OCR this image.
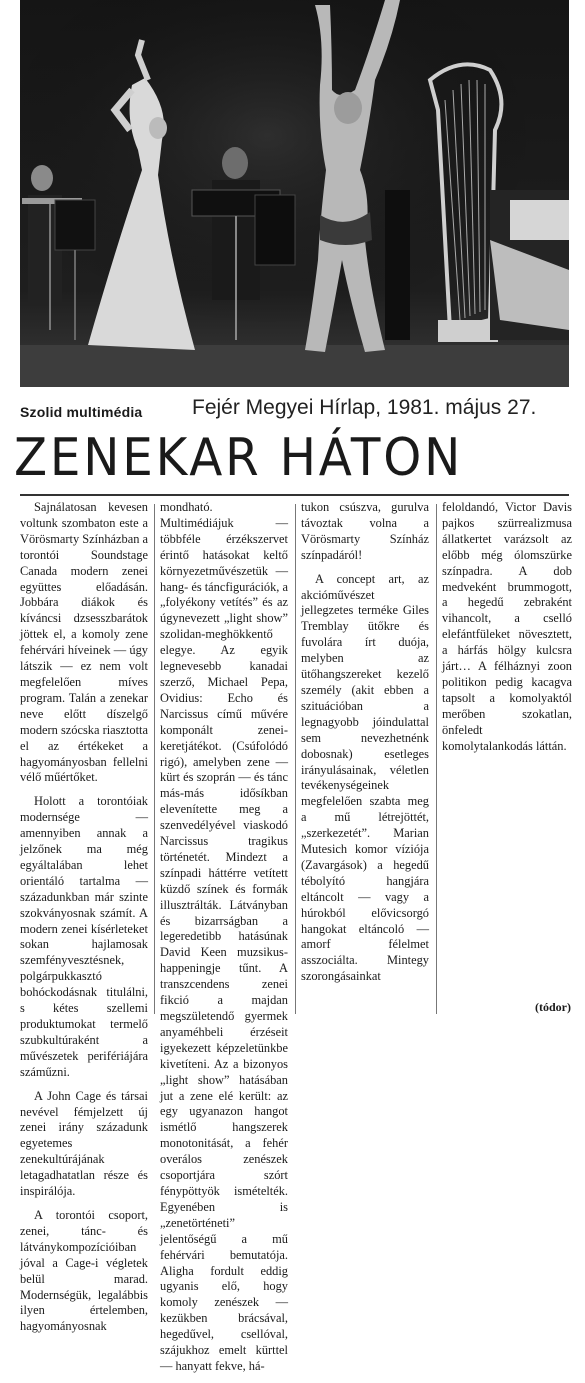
Szolid multimédia Fejér Megyei Hírlap, 1981. május 27.
ZENEKAR HÁTON

Sajnálatosan kevesen voltunk szombaton este a Vörösmarty Színházban a torontói Soundstage Canada modern zenei együttes előadásán. Jobbára diákok és kíváncsi dzsesszbarátok jöttek el, a komoly zene fehérvári híveinek — úgy látszik — ez nem volt megfelelően míves program. Talán a zenekar neve előtt díszelgő modern szócska riasztotta el az értékeket a hagyományosban fellelni vélő műértőket.

Holott a torontóiak modernsége — amennyiben annak a jelzőnek ma még egyáltalában lehet orientáló tartalma — századunkban már szinte szokványosnak számít. A modern zenei kísérleteket sokan hajlamosak szemfényvesztésnek, polgárpukkasztó bohóckodásnak titulálni, s kétes szellemi produktumokat termelő szubkultúraként a művészetek perifériájára száműzni.

A John Cage és társai nevével fémjelzett új zenei irány századunk egyetemes zenekultúrájának letagadhatatlan része és inspirálója.

A torontói csoport, zenei, tánc- és látványkompozícióiban jóval a Cage-i végletek belül marad. Modernségük, legalábbis ilyen értelemben, hagyományosnak

mondható. Multimédiájuk — többféle érzékszervet érintő hatásokat keltő környezetművészetük — hang- és táncfigurációk, a „folyékony vetítés” és az úgynevezett „light show” szolidan-meghökkentő elegye. Az egyik legnevesebb kanadai szerző, Michael Pepa, Ovidius: Echo és Narcissus című művére komponált zenei-keretjátékot. (Csúfolódó rigó), amelyben zene — kürt és szoprán — és tánc más-más idősíkban elevenítette meg a szenvedélyével viaskodó Narcissus tragikus történetét. Mindezt a színpadi háttérre vetített küzdő színek és formák illusztrálták. Látványban és bizarrságban a legeredetibb hatásúnak David Keen muzsikus-happeningje tűnt. A transzcendens zenei fikció a majdan megszületendő gyermek anyaméhbeli érzéseit igyekezett képzeletünkbe kivetíteni. Az a bizonyos „light show” hatásában jut a zene elé került: az egy ugyanazon hangot ismétlő hangszerek monotonitását, a fehér overálos zenészek csoportjára szórt fénypöttyök ismételték. Egyenében is „zenetörténeti” jelentőségű a mű fehérvári bemutatója. Aligha fordult eddig ugyanis elő, hogy komoly zenészek — kezükben brácsával, hegedűvel, csellóval, szájukhoz emelt kürttel — hanyatt fekve, há-

tukon csúszva, gurulva távoztak volna a Vörösmarty Színház színpadáról!

A concept art, az akcióművészet jellegzetes terméke Giles Tremblay ütőkre és fuvolára írt duója, melyben az ütőhangszereket kezelő személy (akit ebben a szituációban a legnagyobb jóindulattal sem nevezhetnénk dobosnak) esetleges irányulásainak, véletlen tevékenységeinek megfelelően szabta meg a mű létrejöttét, „szerkezetét”. Marian Mutesich komor víziója (Zavargások) a hegedű tébolyító hangjára eltáncolt — vagy a húrokból elővicsorgó hangokat eltáncoló — amorf félelmet asszociálta. Mintegy szorongásainkat

feloldandó, Victor Davis pajkos szürrealizmusa állatkertet varázsolt az előbb még ólomszürke színpadra. A dob medveként brummogott, a hegedű zebraként vihancolt, a cselló elefántfüleket növesztett, a hárfás hölgy kulcsra járt… A félháznyi zoon politikon pedig kacagva tapsolt a komolyaktól merőben szokatlan, önfeledt komolytalankodás láttán.

(tódor)
